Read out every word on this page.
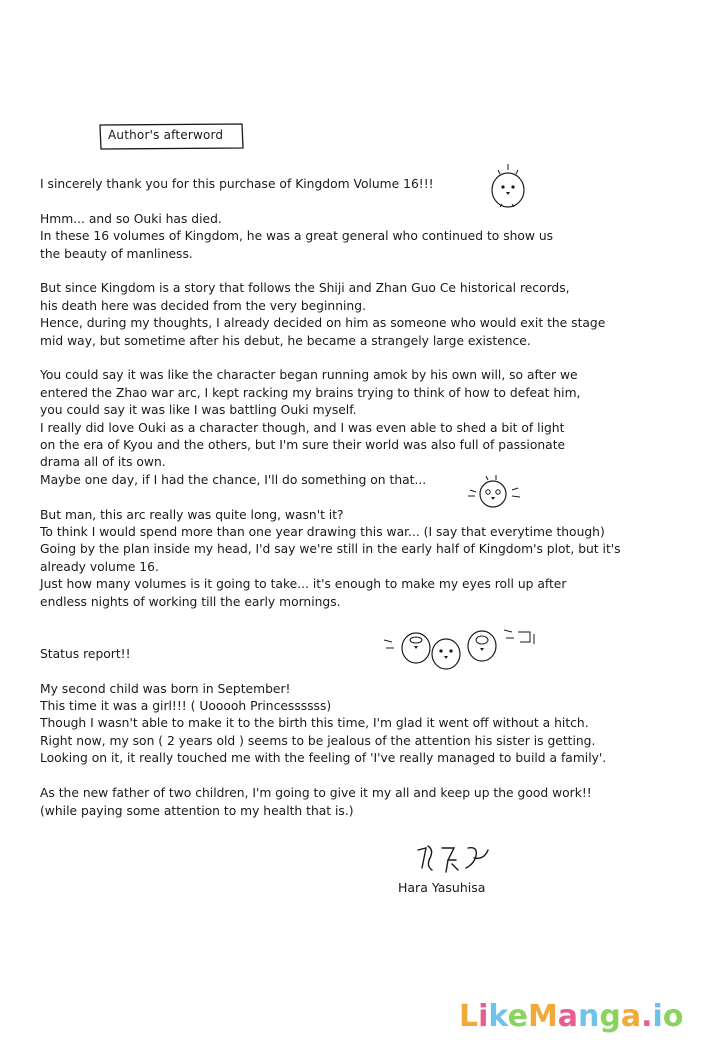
Author's afterword

I sincerely thank you for this purchase of Kingdom Volume 16!!!

Hmm... and so Ouki has died.
In these 16 volumes of Kingdom, he was a great general who continued to show us
the beauty of manliness.

But since Kingdom is a story that follows the Shiji and Zhan Guo Ce historical records,
his death here was decided from the very beginning.
Hence, during my thoughts, I already decided on him as someone who would exit the stage
mid way, but sometime after his debut, he became a strangely large existence.

You could say it was like the character began running amok by his own will, so after we
entered the Zhao war arc, I kept racking my brains trying to think of how to defeat him,
you could say it was like I was battling Ouki myself.
I really did love Ouki as a character though, and I was even able to shed a bit of light
on the era of Kyou and the others, but I'm sure their world was also full of passionate
drama all of its own.
Maybe one day, if I had the chance, I'll do something on that...

But man, this arc really was quite long, wasn't it?
To think I would spend more than one year drawing this war... (I say that everytime though)
Going by the plan inside my head, I'd say we're still in the early half of Kingdom's plot, but it's
already volume 16.
Just how many volumes is it going to take... it's enough to make my eyes roll up after
endless nights of working till the early mornings.

Status report!!

My second child was born in September!
This time it was a girl!!! ( Uooooh Princessssss)
Though I wasn't able to make it to the birth this time, I'm glad it went off without a hitch.
Right now, my son ( 2 years old ) seems to be jealous of the attention his sister is getting.
Looking on it, it really touched me with the feeling of 'I've really managed to build a family'.

As the new father of two children, I'm going to give it my all and keep up the good work!!
(while paying some attention to my health that is.)

Hara Yasuhisa
LikeManga.io
